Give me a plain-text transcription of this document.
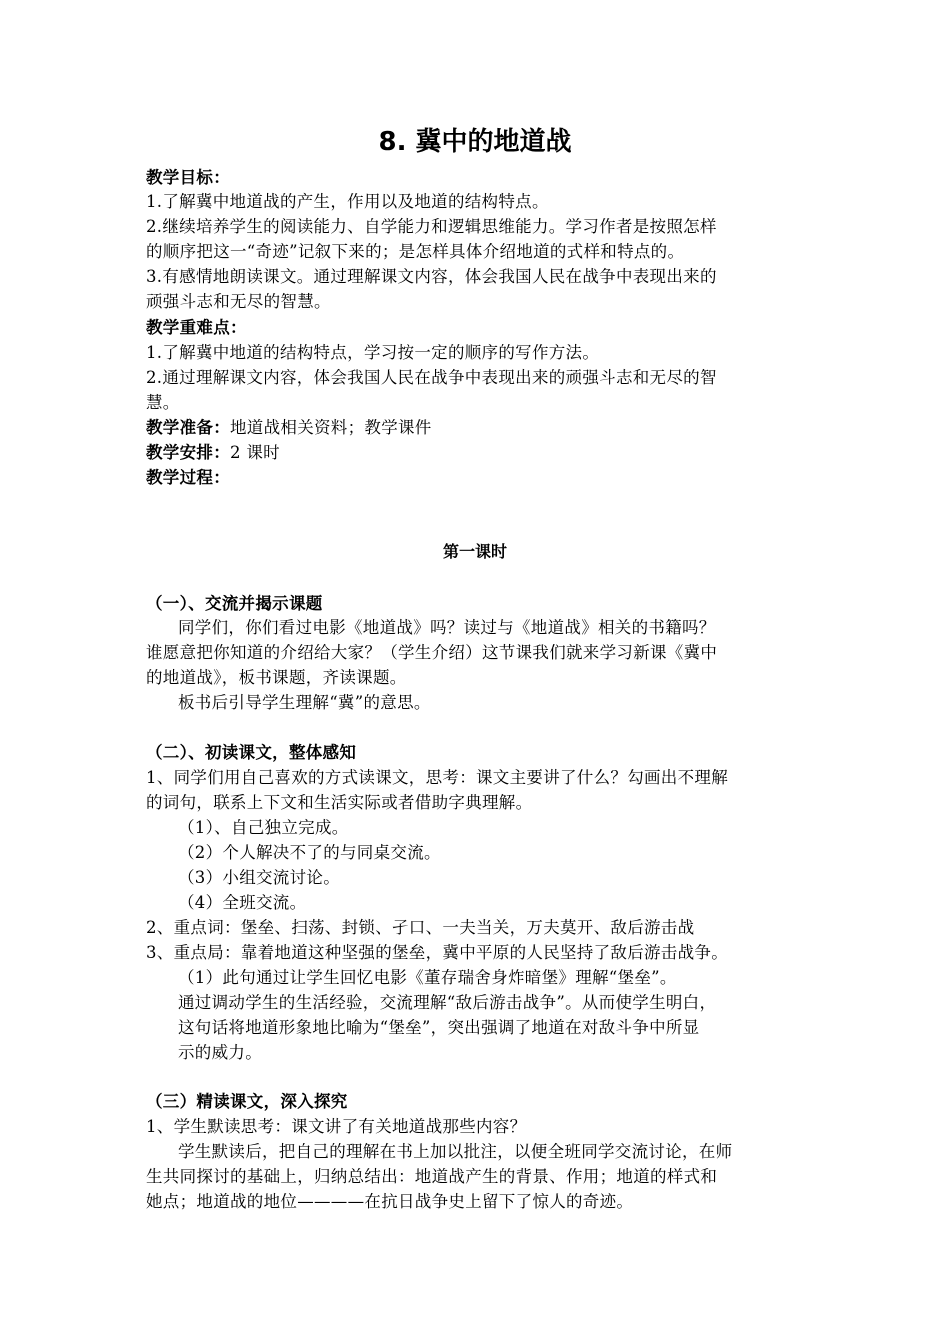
8. 冀中的地道战

教学目标：

1.了解冀中地道战的产生，作用以及地道的结构特点。

2.继续培养学生的阅读能力、自学能力和逻辑思维能力。学习作者是按照怎样

的顺序把这一“奇迹”记叙下来的；是怎样具体介绍地道的式样和特点的。

3.有感情地朗读课文。通过理解课文内容，体会我国人民在战争中表现出来的

顽强斗志和无尽的智慧。

教学重难点：

1.了解冀中地道的结构特点，学习按一定的顺序的写作方法。

2.通过理解课文内容，体会我国人民在战争中表现出来的顽强斗志和无尽的智

慧。

教学准备：地道战相关资料；教学课件

教学安排：2 课时

教学过程：

第一课时

（一）、交流并揭示课题

同学们，你们看过电影《地道战》吗？读过与《地道战》相关的书籍吗？

谁愿意把你知道的介绍给大家？（学生介绍）这节课我们就来学习新课《冀中

的地道战》，板书课题，齐读课题。

板书后引导学生理解“冀”的意思。

（二）、初读课文，整体感知

1、同学们用自己喜欢的方式读课文，思考：课文主要讲了什么？勾画出不理解

的词句，联系上下文和生活实际或者借助字典理解。

（1）、自己独立完成。

（2）个人解决不了的与同桌交流。

（3）小组交流讨论。

（4）全班交流。

2、重点词：堡垒、扫荡、封锁、孑口、一夫当关，万夫莫开、敌后游击战

3、重点局：靠着地道这种坚强的堡垒，冀中平原的人民坚持了敌后游击战争。

（1）此句通过让学生回忆电影《董存瑞舍身炸暗堡》理解“堡垒”。

通过调动学生的生活经验，交流理解“敌后游击战争”。从而使学生明白，

这句话将地道形象地比喻为“堡垒”，突出强调了地道在对敌斗争中所显

示的威力。

（三）精读课文，深入探究

1、学生默读思考：课文讲了有关地道战那些内容？

学生默读后，把自己的理解在书上加以批注，以便全班同学交流讨论，在师

生共同探讨的基础上，归纳总结出：地道战产生的背景、作用；地道的样式和

她点；地道战的地位————在抗日战争史上留下了惊人的奇迹。
